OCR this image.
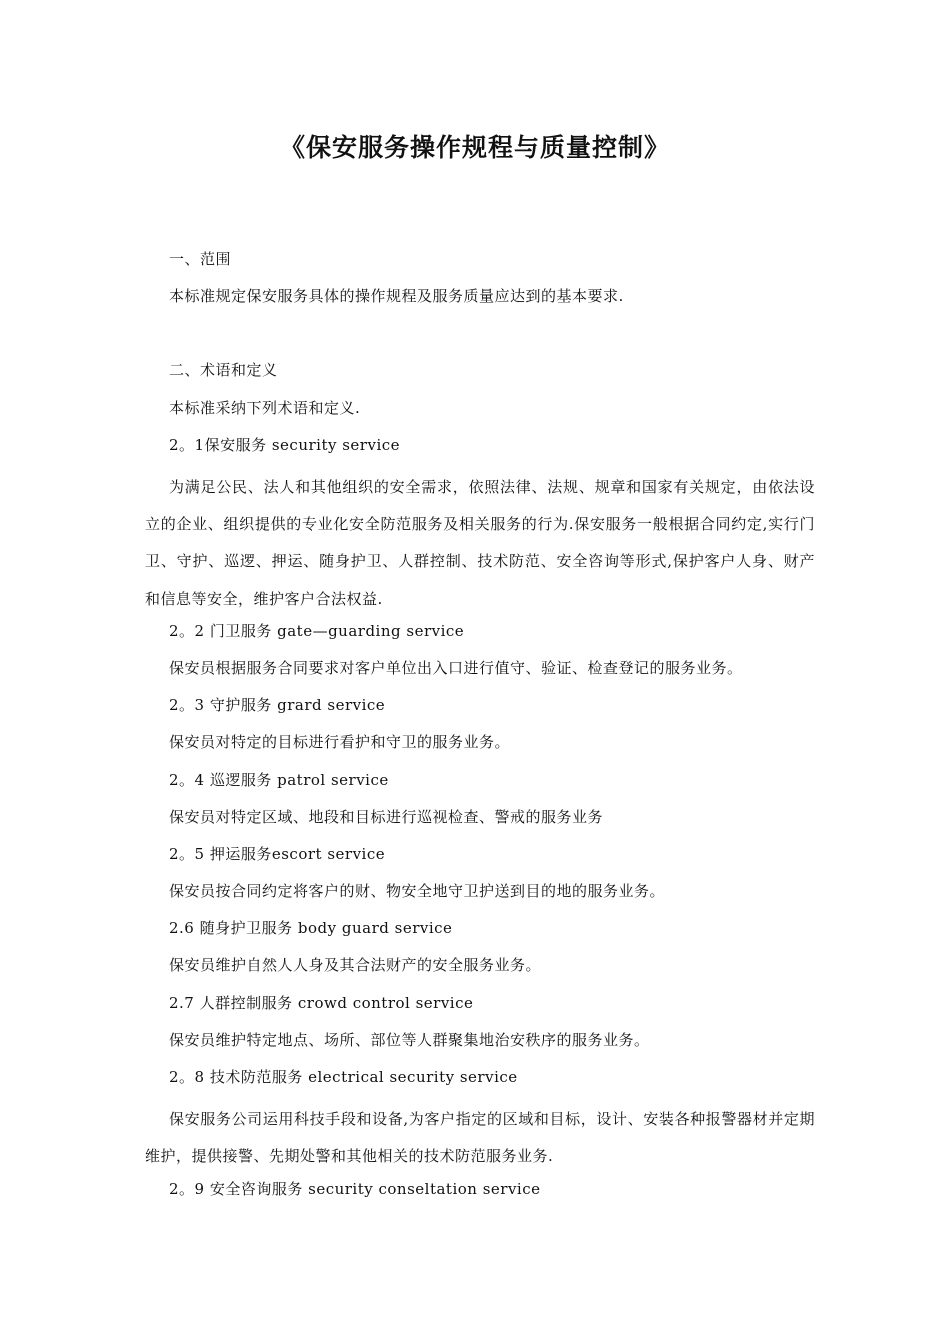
《保安服务操作规程与质量控制》
一、范围
本标准规定保安服务具体的操作规程及服务质量应达到的基本要求.
二、术语和定义
本标准采纳下列术语和定义.
2。1保安服务 security service
为满足公民、法人和其他组织的安全需求，依照法律、法规、规章和国家有关规定，由依法设立的企业、组织提供的专业化安全防范服务及相关服务的行为.保安服务一般根据合同约定,实行门卫、守护、巡逻、押运、随身护卫、人群控制、技术防范、安全咨询等形式,保护客户人身、财产和信息等安全，维护客户合法权益.
2。2 门卫服务 gate—guarding service
保安员根据服务合同要求对客户单位出入口进行值守、验证、检查登记的服务业务。
2。3 守护服务 grard service
保安员对特定的目标进行看护和守卫的服务业务。
2。4 巡逻服务 patrol service
保安员对特定区域、地段和目标进行巡视检查、警戒的服务业务
2。5 押运服务escort service
保安员按合同约定将客户的财、物安全地守卫护送到目的地的服务业务。
2.6 随身护卫服务 body guard service
保安员维护自然人人身及其合法财产的安全服务业务。
2.7 人群控制服务 crowd control service
保安员维护特定地点、场所、部位等人群聚集地治安秩序的服务业务。
2。8 技术防范服务 electrical security service
保安服务公司运用科技手段和设备,为客户指定的区域和目标，设计、安装各种报警器材并定期维护，提供接警、先期处警和其他相关的技术防范服务业务.
2。9 安全咨询服务 security conseltation service
